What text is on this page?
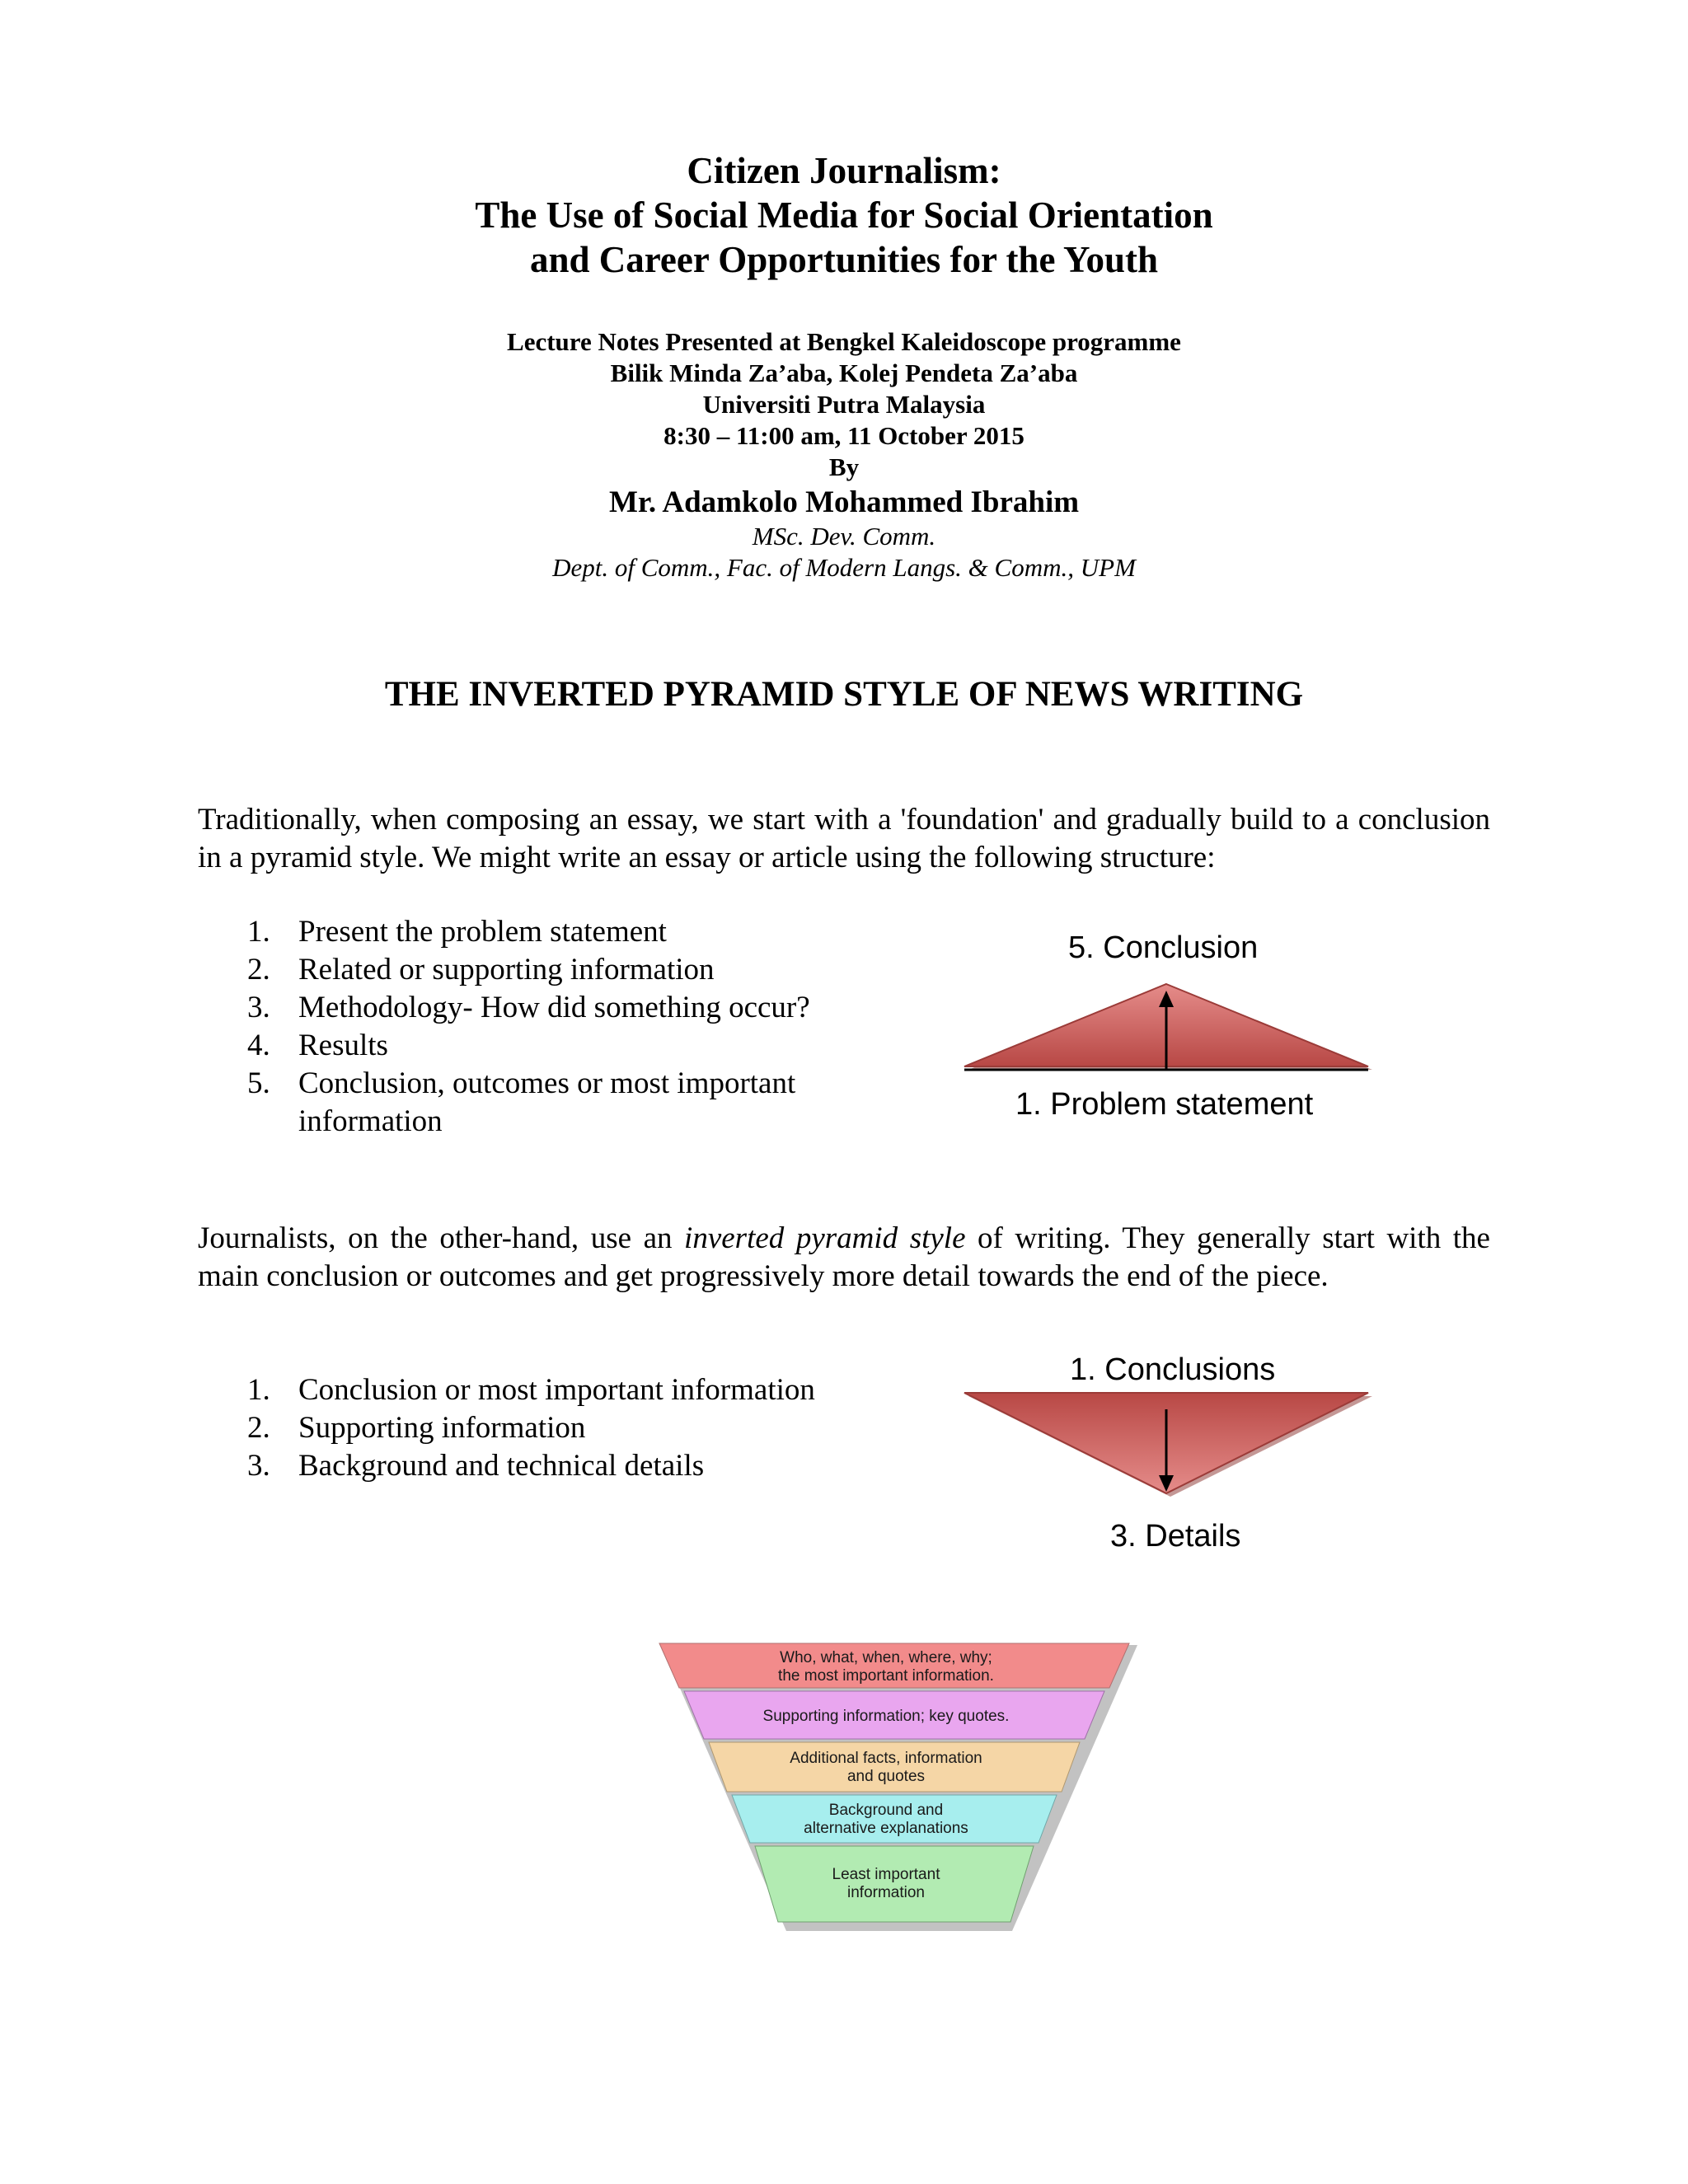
Citizen Journalism:
The Use of Social Media for Social Orientation
and Career Opportunities for the Youth
Lecture Notes Presented at Bengkel Kaleidoscope programme
Bilik Minda Za’aba, Kolej Pendeta Za’aba
Universiti Putra Malaysia
8:30 – 11:00 am, 11 October 2015
By
Mr. Adamkolo Mohammed Ibrahim
MSc. Dev. Comm.
Dept. of Comm., Fac. of Modern Langs. & Comm., UPM
THE INVERTED PYRAMID STYLE OF NEWS WRITING
Traditionally, when composing an essay, we start with a 'foundation' and gradually build to a conclusion in a pyramid style. We might write an essay or article using the following structure:
1. Present the problem statement
2. Related or supporting information
3. Methodology- How did something occur?
4. Results
5. Conclusion, outcomes or most important information
5. Conclusion
1. Problem statement
Journalists, on the other-hand, use an inverted pyramid style of writing. They generally start with the main conclusion or outcomes and get progressively more detail towards the end of the piece.
1. Conclusion or most important information
2. Supporting information
3. Background and technical details
1. Conclusions
3. Details
Who, what, when, where, why;
the most important information.
Supporting information; key quotes.
Additional facts, information
and quotes
Background and
alternative explanations
Least important
information
